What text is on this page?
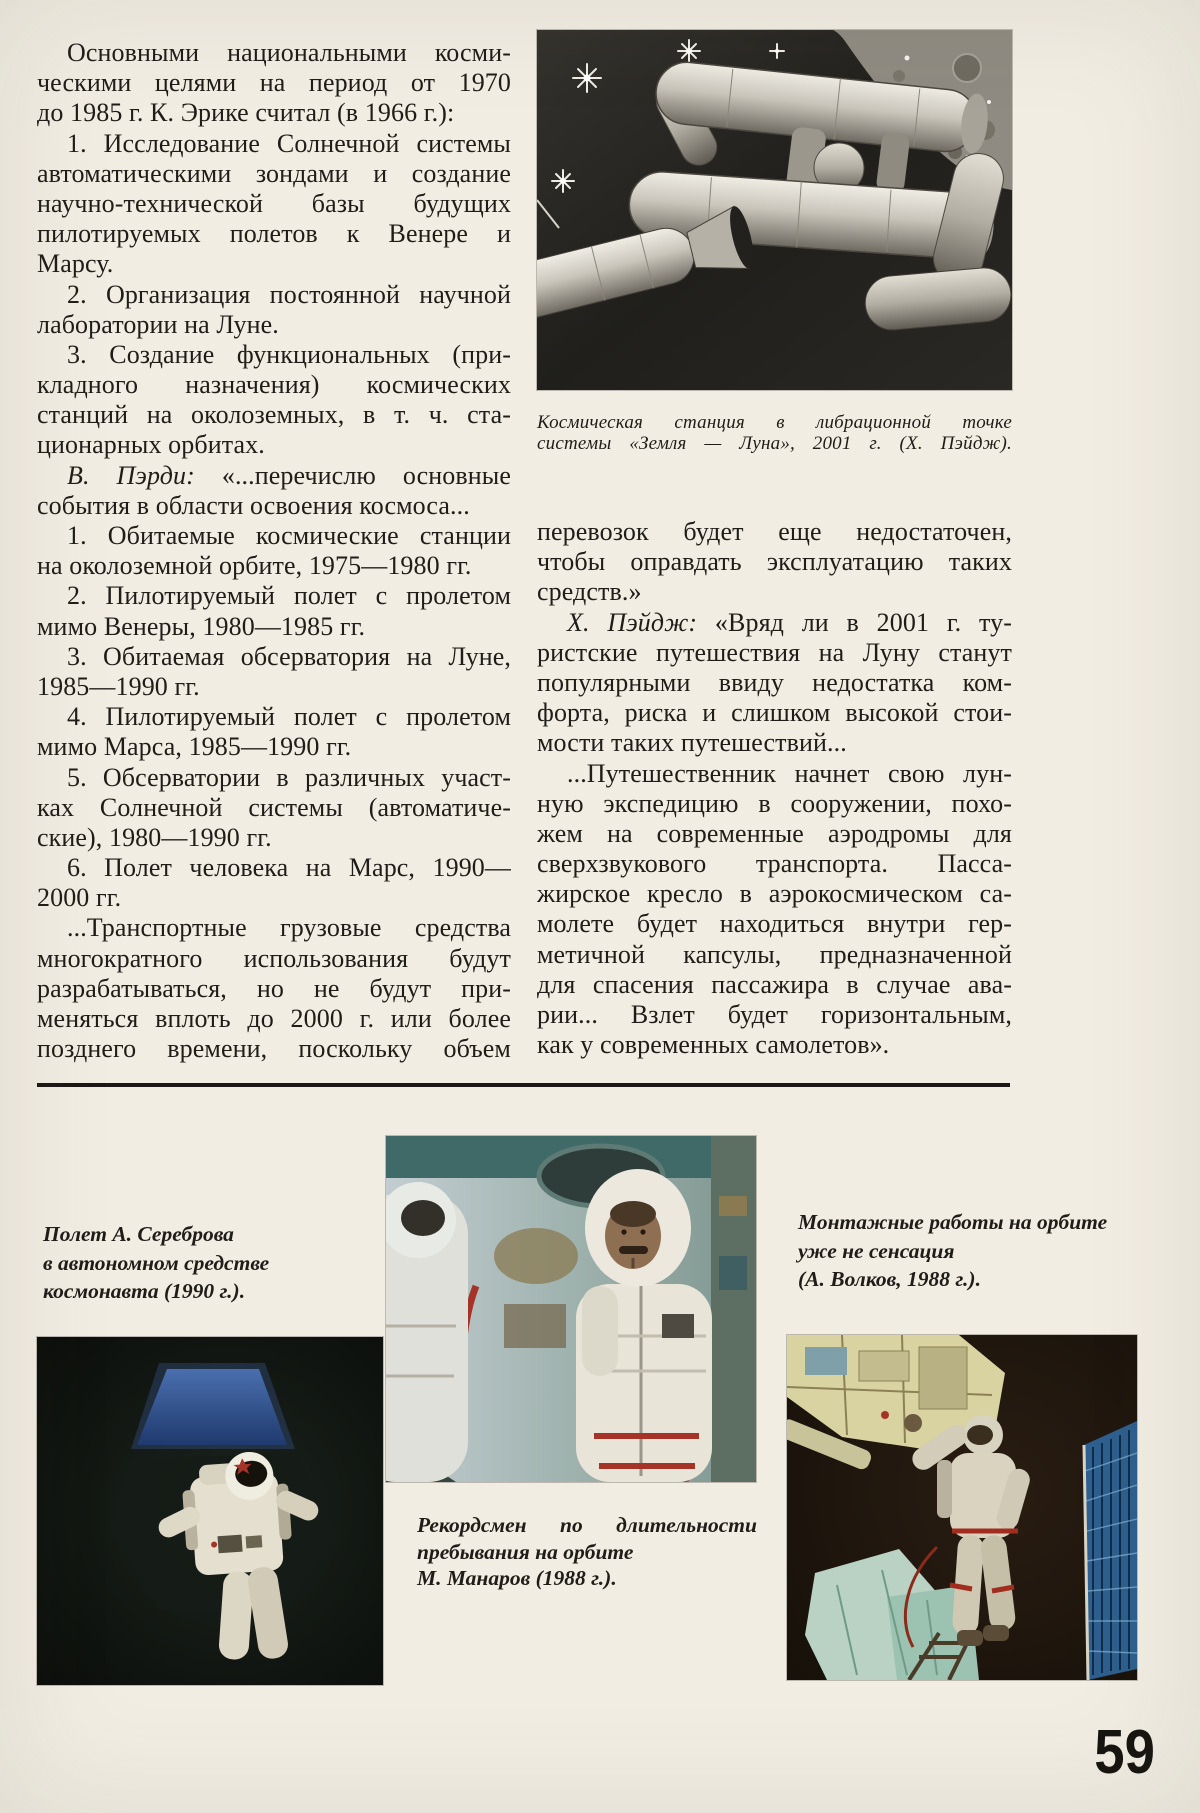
Основными национальными косми-
ческими целями на период от 1970
до 1985 г. К. Эрике считал (в 1966 г.):
1. Исследование Солнечной системы
автоматическими зондами и создание
научно-технической базы будущих
пилотируемых полетов к Венере и
Марсу.
2. Организация постоянной научной
лаборатории на Луне.
3. Создание функциональных (при-
кладного назначения) космических
станций на околоземных, в т. ч. ста-
ционарных орбитах.
В. Пэрди: «...перечислю основные
события в области освоения космоса...
1. Обитаемые космические станции
на околоземной орбите, 1975—1980 гг.
2. Пилотируемый полет с пролетом
мимо Венеры, 1980—1985 гг.
3. Обитаемая обсерватория на Луне,
1985—1990 гг.
4. Пилотируемый полет с пролетом
мимо Марса, 1985—1990 гг.
5. Обсерватории в различных участ-
ках Солнечной системы (автоматиче-
ские), 1980—1990 гг.
6. Полет человека на Марс, 1990—
2000 гг.
...Транспортные грузовые средства
многократного использования будут
разрабатываться, но не будут при-
меняться вплоть до 2000 г. или более
позднего времени, поскольку объем
Космическая станция в либрационной точке
системы «Земля — Луна», 2001 г. (Х. Пэйдж).
перевозок будет еще недостаточен,
чтобы оправдать эксплуатацию таких
средств.»
Х. Пэйдж: «Вряд ли в 2001 г. ту-
ристские путешествия на Луну станут
популярными ввиду недостатка ком-
форта, риска и слишком высокой стои-
мости таких путешествий...
...Путешественник начнет свою лун-
ную экспедицию в сооружении, похо-
жем на современные аэродромы для
сверхзвукового транспорта. Пасса-
жирское кресло в аэрокосмическом са-
молете будет находиться внутри гер-
метичной капсулы, предназначенной
для спасения пассажира в случае ава-
рии... Взлет будет горизонтальным,
как у современных самолетов».
Полет А. Сереброва
в автономном средстве
космонавта (1990 г.).
Монтажные работы на орбите
уже не сенсация
(А. Волков, 1988 г.).
Рекордсмен по длительности
пребывания на орбите
М. Манаров (1988 г.).
59
